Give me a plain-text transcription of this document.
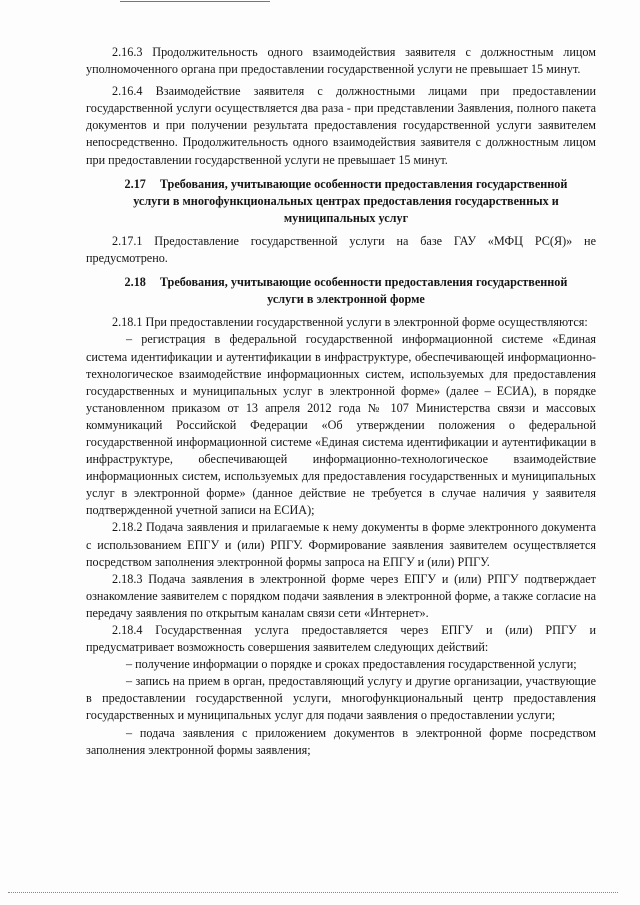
2.16.3 Продолжительность одного взаимодействия заявителя с должностным лицом уполномоченного органа при предоставлении государственной услуги не превышает 15 минут.

2.16.4 Взаимодействие заявителя с должностными лицами при предоставлении государственной услуги осуществляется два раза - при представлении Заявления, полного пакета документов и при получении результата предоставления государственной услуги заявителем непосредственно. Продолжительность одного взаимодействия заявителя с должностным лицом при предоставлении государственной услуги не превышает 15 минут.

2.17 Требования, учитывающие особенности предоставления государственной услуги в многофункциональных центрах предоставления государственных и муниципальных услуг

2.17.1 Предоставление государственной услуги на базе ГАУ «МФЦ РС(Я)» не предусмотрено.

2.18 Требования, учитывающие особенности предоставления государственной услуги в электронной форме

2.18.1 При предоставлении государственной услуги в электронной форме осуществляются:

– регистрация в федеральной государственной информационной системе «Единая система идентификации и аутентификации в инфраструктуре, обеспечивающей информационно-технологическое взаимодействие информационных систем, используемых для предоставления государственных и муниципальных услуг в электронной форме» (далее – ЕСИА), в порядке установленном приказом от 13 апреля 2012 года № 107 Министерства связи и массовых коммуникаций Российской Федерации «Об утверждении положения о федеральной государственной информационной системе «Единая система идентификации и аутентификации в инфраструктуре, обеспечивающей информационно-технологическое взаимодействие информационных систем, используемых для предоставления государственных и муниципальных услуг в электронной форме» (данное действие не требуется в случае наличия у заявителя подтвержденной учетной записи на ЕСИА);

2.18.2 Подача заявления и прилагаемые к нему документы в форме электронного документа с использованием ЕПГУ и (или) РПГУ. Формирование заявления заявителем осуществляется посредством заполнения электронной формы запроса на ЕПГУ и (или) РПГУ.

2.18.3 Подача заявления в электронной форме через ЕПГУ и (или) РПГУ подтверждает ознакомление заявителем с порядком подачи заявления в электронной форме, а также согласие на передачу заявления по открытым каналам связи сети «Интернет».

2.18.4 Государственная услуга предоставляется через ЕПГУ и (или) РПГУ и предусматривает возможность совершения заявителем следующих действий:

– получение информации о порядке и сроках предоставления государственной услуги;

– запись на прием в орган, предоставляющий услугу и другие организации, участвующие в предоставлении государственной услуги, многофункциональный центр предоставления государственных и муниципальных услуг для подачи заявления о предоставлении услуги;

– подача заявления с приложением документов в электронной форме посредством заполнения электронной формы заявления;
